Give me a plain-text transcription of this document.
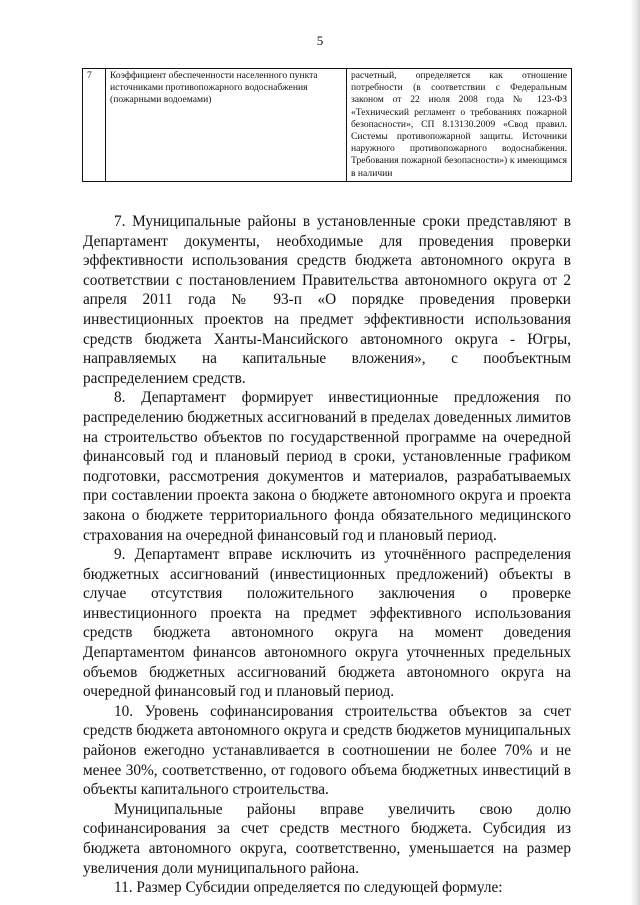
5
7	Коэффициент обеспеченности населенного пункта источниками противопожарного водоснабжения (пожарными водоемами)	расчетный, определяется как отношение потребности (в соответствии с Федеральным законом от 22 июля 2008 года № 123-ФЗ «Технический регламент о требованиях пожарной безопасности», СП 8.13130.2009 «Свод правил. Системы противопожарной защиты. Источники наружного противопожарного водоснабжения. Требования пожарной безопасности») к имеющимся в наличии

7. Муниципальные районы в установленные сроки представляют в Департамент документы, необходимые для проведения проверки эффективности использования средств бюджета автономного округа в соответствии с постановлением Правительства автономного округа от 2 апреля 2011 года № 93-п «О порядке проведения проверки инвестиционных проектов на предмет эффективности использования средств бюджета Ханты-Мансийского автономного округа - Югры, направляемых на капитальные вложения», с пообъектным распределением средств.

8. Департамент формирует инвестиционные предложения по распределению бюджетных ассигнований в пределах доведенных лимитов на строительство объектов по государственной программе на очередной финансовый год и плановый период в сроки, установленные графиком подготовки, рассмотрения документов и материалов, разрабатываемых при составлении проекта закона о бюджете автономного округа и проекта закона о бюджете территориального фонда обязательного медицинского страхования на очередной финансовый год и плановый период.

9. Департамент вправе исключить из уточнённого распределения бюджетных ассигнований (инвестиционных предложений) объекты в случае отсутствия положительного заключения о проверке инвестиционного проекта на предмет эффективного использования средств бюджета автономного округа на момент доведения Департаментом финансов автономного округа уточненных предельных объемов бюджетных ассигнований бюджета автономного округа на очередной финансовый год и плановый период.

10. Уровень софинансирования строительства объектов за счет средств бюджета автономного округа и средств бюджетов муниципальных районов ежегодно устанавливается в соотношении не более 70% и не менее 30%, соответственно, от годового объема бюджетных инвестиций в объекты капитального строительства.

Муниципальные районы вправе увеличить свою долю софинансирования за счет средств местного бюджета. Субсидия из бюджета автономного округа, соответственно, уменьшается на размер увеличения доли муниципального района.

11. Размер Субсидии определяется по следующей формуле:
